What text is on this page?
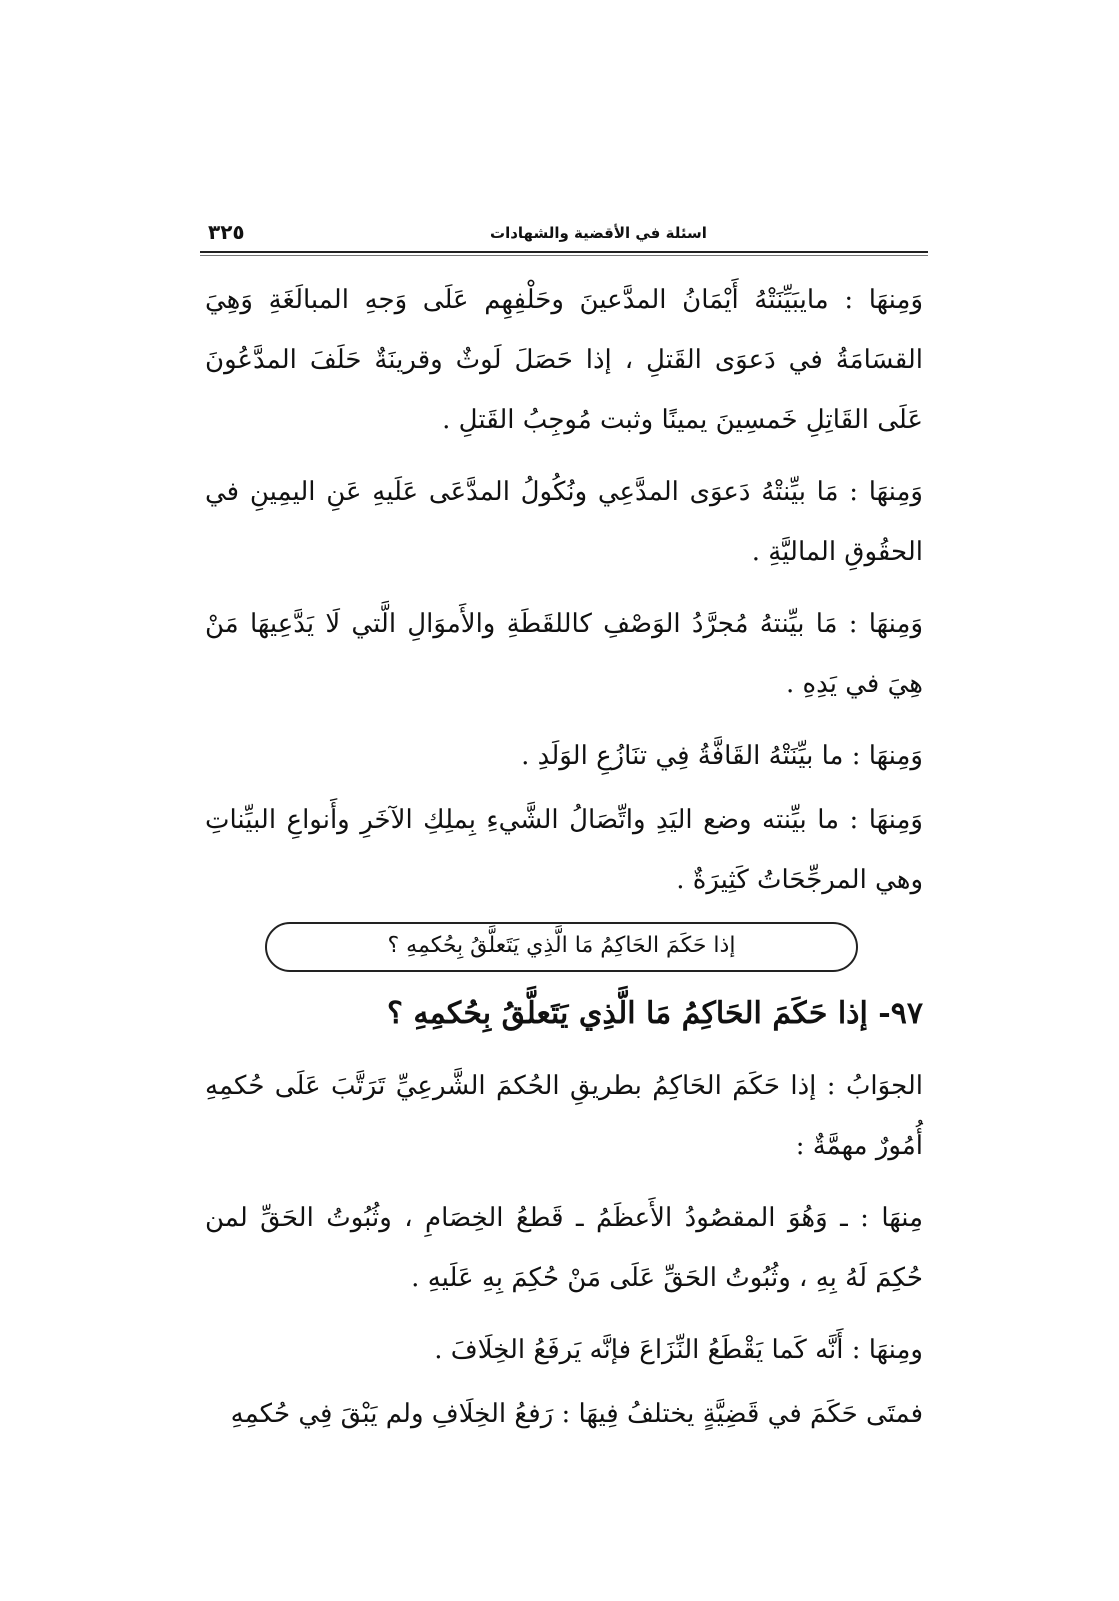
٣٢٥	اسئلة في الأقضية والشهادات

وَمِنهَا : مايبَيِّنَتْهُ أَيْمَانُ المدَّعينَ وحَلْفِهِم عَلَى وَجهِ المبالَغَةِ وَهِيَ القسَامَةُ في دَعوَى القَتلِ ، إذا حَصَلَ لَوثٌ وقرينَةٌ حَلَفَ المدَّعُونَ عَلَى القَاتِلِ خَمسِينَ يمينًا وثبت مُوجِبُ القَتلِ .

وَمِنهَا : مَا بيِّنتْهُ دَعوَى المدَّعِي ونُكُولُ المدَّعَى عَلَيهِ عَنِ اليمِينِ في الحقُوقِ الماليَّةِ .

وَمِنهَا : مَا بيِّنتهُ مُجرَّدُ الوَصْفِ كاللقَطَةِ والأَموَالِ الَّتي لَا يَدَّعِيهَا مَنْ هِيَ في يَدِهِ .

وَمِنهَا : ما بيِّنَتْهُ القَافَّةُ فِي تنَازُعِ الوَلَدِ .

وَمِنهَا : ما بيِّنته وضع اليَدِ واتِّصَالُ الشَّيءِ بِملِكِ الآخَرِ وأَنواعِ البيِّناتِ وهي المرجِّحَاتُ كَثِيرَةٌ .

إذا حَكَمَ الحَاكِمُ مَا الَّذِي يَتَعلَّقُ بِحُكمِهِ ؟
٩٧- إذا حَكَمَ الحَاكِمُ مَا الَّذِي يَتَعلَّقُ بِحُكمِهِ ؟

الجوَابُ : إذا حَكَمَ الحَاكِمُ بطريقِ الحُكمَ الشَّرعِيِّ تَرَتَّبَ عَلَى حُكمِهِ أُمُورٌ مهمَّةٌ :

مِنهَا : ـ وَهُوَ المقصُودُ الأَعظَمُ ـ قَطعُ الخِصَامِ ، وثُبُوتُ الحَقِّ لمن حُكِمَ لَهُ بِهِ ، وثُبُوتُ الحَقِّ عَلَى مَنْ حُكِمَ بِهِ عَلَيهِ .

ومِنهَا : أَنَّه كَما يَقْطَعُ النِّزَاعَ فإنَّه يَرفَعُ الخِلَافَ .

فمتَى حَكَمَ في قَضِيَّةٍ يختلفُ فِيهَا : رَفعُ الخِلَافِ ولم يَبْقَ فِي حُكمِهِ
